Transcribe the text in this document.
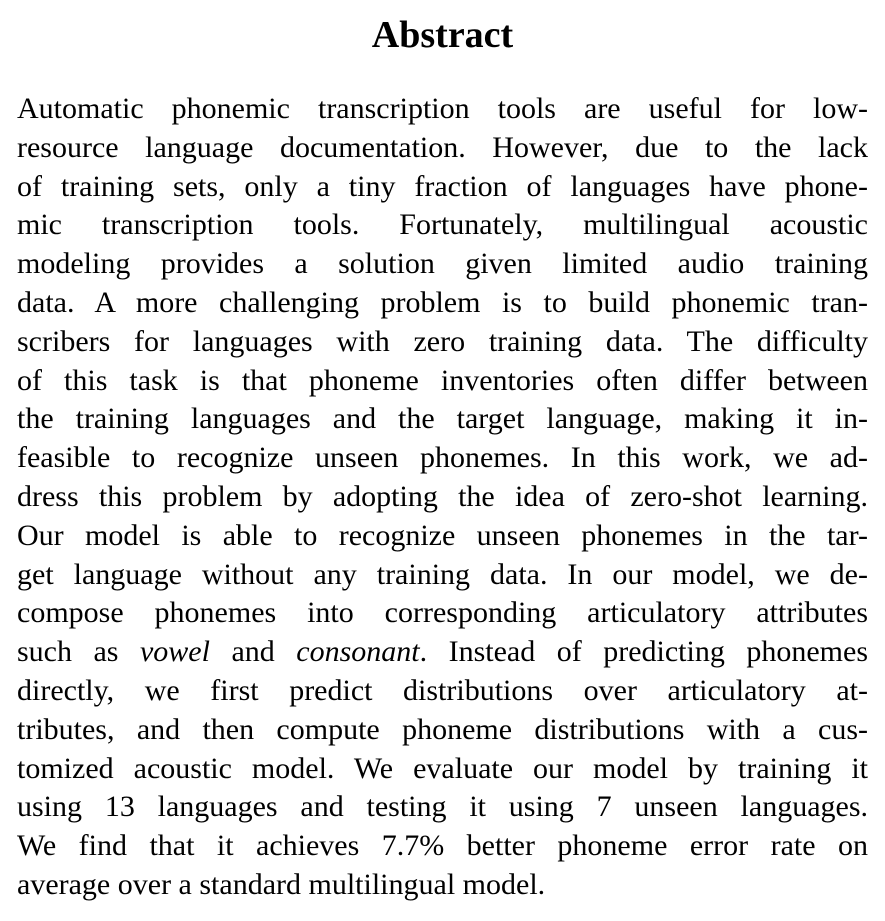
Abstract
Automatic phonemic transcription tools are useful for low-
resource language documentation. However, due to the lack
of training sets, only a tiny fraction of languages have phone-
mic transcription tools. Fortunately, multilingual acoustic
modeling provides a solution given limited audio training
data. A more challenging problem is to build phonemic tran-
scribers for languages with zero training data. The difficulty
of this task is that phoneme inventories often differ between
the training languages and the target language, making it in-
feasible to recognize unseen phonemes. In this work, we ad-
dress this problem by adopting the idea of zero-shot learning.
Our model is able to recognize unseen phonemes in the tar-
get language without any training data. In our model, we de-
compose phonemes into corresponding articulatory attributes
such as vowel and consonant. Instead of predicting phonemes
directly, we first predict distributions over articulatory at-
tributes, and then compute phoneme distributions with a cus-
tomized acoustic model. We evaluate our model by training it
using 13 languages and testing it using 7 unseen languages.
We find that it achieves 7.7% better phoneme error rate on
average over a standard multilingual model.
